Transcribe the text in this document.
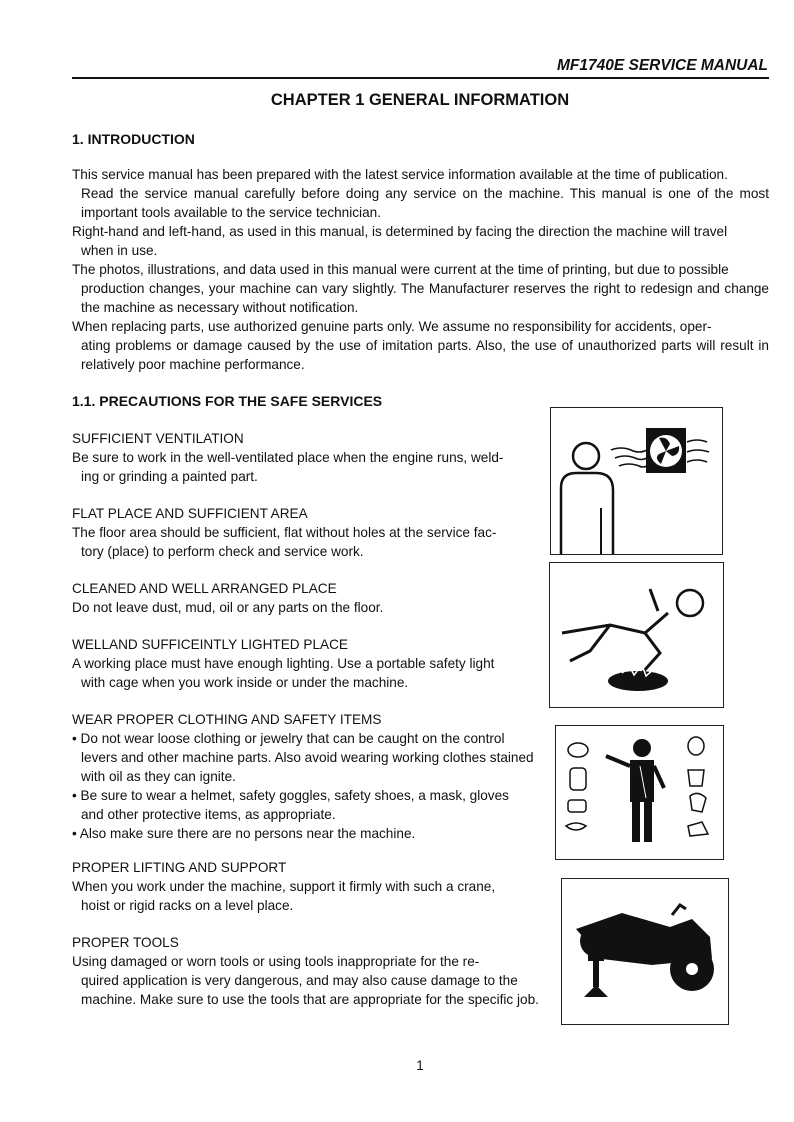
MF1740E SERVICE MANUAL
CHAPTER 1 GENERAL INFORMATION
1. INTRODUCTION

This service manual has been prepared with the latest service information available at the time of publication.
Read the service manual carefully before doing any service on the machine. This manual is one of the most important tools available to the service technician.

Right-hand and left-hand, as used in this manual, is determined by facing the direction the machine will travel
when in use.

The photos, illustrations, and data used in this manual were current at the time of printing, but due to possible
production changes, your machine can vary slightly. The Manufacturer reserves the right to redesign and change the machine as necessary without notification.

When replacing parts, use authorized genuine parts only. We assume no responsibility for accidents, oper-
ating problems or damage caused by the use of imitation parts. Also, the use of unauthorized parts will result in relatively poor machine performance.

1.1. PRECAUTIONS FOR THE SAFE SERVICES
SUFFICIENT VENTILATION
Be sure to work in the well-ventilated place when the engine runs, weld-
ing or grinding a painted part.
FLAT PLACE AND SUFFICIENT AREA
The floor area should be sufficient, flat without holes at the service fac-
tory (place) to perform check and service work.
CLEANED AND WELL ARRANGED PLACE
Do not leave dust, mud, oil or any parts on the floor.
WELLAND SUFFICEINTLY LIGHTED PLACE
A working place must have enough lighting. Use a portable safety light
with cage when you work inside or under the machine.
WEAR PROPER CLOTHING AND SAFETY ITEMS
• Do not wear loose clothing or jewelry that can be caught on the control
levers and other machine parts. Also avoid wearing working clothes stained with oil as they can ignite.
• Be sure to wear a helmet, safety goggles, safety shoes, a mask, gloves
and other protective items, as appropriate.
• Also make sure there are no persons near the machine.
PROPER LIFTING AND SUPPORT
When you work under the machine, support it firmly with such a crane,
hoist or rigid racks on a level place.
PROPER TOOLS
Using damaged or worn tools or using tools inappropriate for the re-
quired application is very dangerous, and may also cause damage to the machine. Make sure to use the tools that are appropriate for the specific job.
1
